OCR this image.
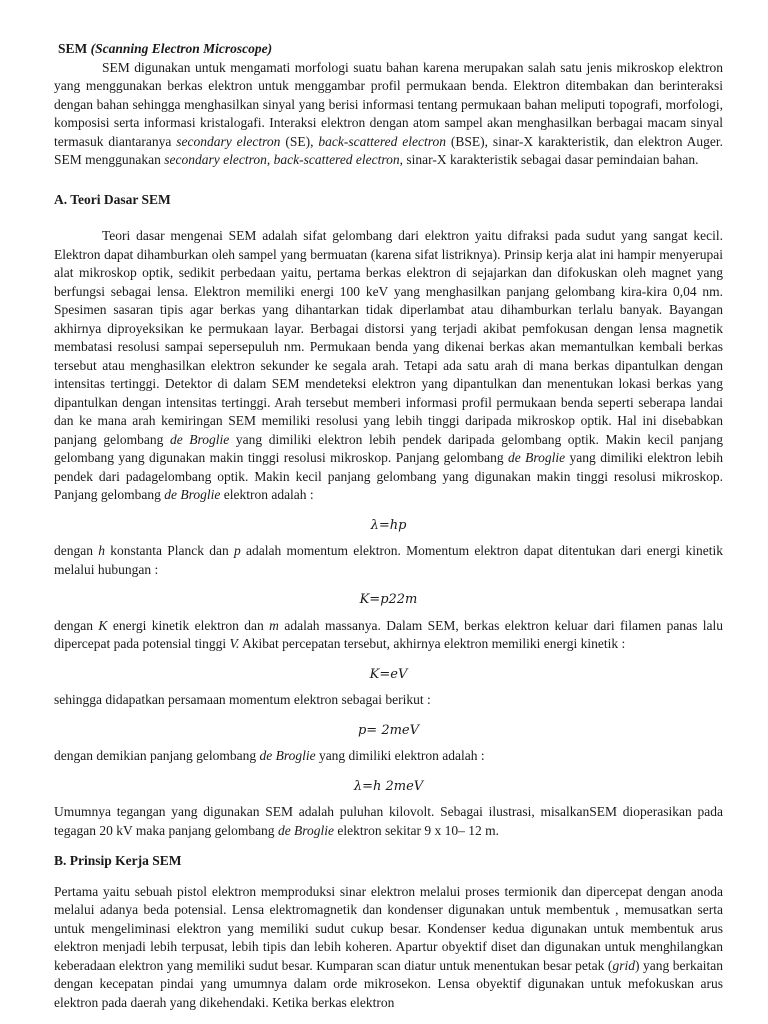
SEM (Scanning Electron Microscope)

SEM digunakan untuk mengamati morfologi suatu bahan karena merupakan salah satu jenis mikroskop elektron yang menggunakan berkas elektron untuk menggambar profil permukaan benda. Elektron ditembakan dan berinteraksi dengan bahan sehingga menghasilkan sinyal yang berisi informasi tentang permukaan bahan meliputi topografi, morfologi, komposisi serta informasi kristalogafi. Interaksi elektron dengan atom sampel akan menghasilkan berbagai macam sinyal termasuk diantaranya secondary electron (SE), back-scattered electron (BSE), sinar-X karakteristik, dan elektron Auger. SEM menggunakan secondary electron, back-scattered electron, sinar-X karakteristik sebagai dasar pemindaian bahan.

A. Teori Dasar SEM

Teori dasar mengenai SEM adalah sifat gelombang dari elektron yaitu difraksi pada sudut yang sangat kecil. Elektron dapat dihamburkan oleh sampel yang bermuatan (karena sifat listriknya). Prinsip kerja alat ini hampir menyerupai alat mikroskop optik, sedikit perbedaan yaitu, pertama berkas elektron di sejajarkan dan difokuskan oleh magnet yang berfungsi sebagai lensa. Elektron memiliki energi 100 keV yang menghasilkan panjang gelombang kira-kira 0,04 nm. Spesimen sasaran tipis agar berkas yang dihantarkan tidak diperlambat atau dihamburkan terlalu banyak. Bayangan akhirnya diproyeksikan ke permukaan layar. Berbagai distorsi yang terjadi akibat pemfokusan dengan lensa magnetik membatasi resolusi sampai sepersepuluh nm. Permukaan benda yang dikenai berkas akan memantulkan kembali berkas tersebut atau menghasilkan elektron sekunder ke segala arah. Tetapi ada satu arah di mana berkas dipantulkan dengan intensitas tertinggi. Detektor di dalam SEM mendeteksi elektron yang dipantulkan dan menentukan lokasi berkas yang dipantulkan dengan intensitas tertinggi. Arah tersebut memberi informasi profil permukaan benda seperti seberapa landai dan ke mana arah kemiringan SEM memiliki resolusi yang lebih tinggi daripada mikroskop optik. Hal ini disebabkan panjang gelombang de Broglie yang dimiliki elektron lebih pendek daripada gelombang optik. Makin kecil panjang gelombang yang digunakan makin tinggi resolusi mikroskop. Panjang gelombang de Broglie yang dimiliki elektron lebih pendek dari padagelombang optik. Makin kecil panjang gelombang yang digunakan makin tinggi resolusi mikroskop. Panjang gelombang de Broglie elektron adalah :

λ=hp

dengan h konstanta Planck dan p adalah momentum elektron. Momentum elektron dapat ditentukan dari energi kinetik melalui hubungan :

K=p22m

dengan K energi kinetik elektron dan m adalah massanya. Dalam SEM, berkas elektron keluar dari filamen panas lalu dipercepat pada potensial tinggi V. Akibat percepatan tersebut, akhirnya elektron memiliki energi kinetik :

K=eV

sehingga didapatkan persamaan momentum elektron sebagai berikut :

p= 2meV

dengan demikian panjang gelombang de Broglie yang dimiliki elektron adalah :

λ=h 2meV

Umumnya tegangan yang digunakan SEM adalah puluhan kilovolt. Sebagai ilustrasi, misalkanSEM dioperasikan pada tegagan 20 kV maka panjang gelombang de Broglie elektron sekitar 9 x 10– 12 m.

B. Prinsip Kerja SEM

Pertama yaitu sebuah pistol elektron memproduksi sinar elektron melalui proses termionik dan dipercepat dengan anoda melalui adanya beda potensial. Lensa elektromagnetik dan kondenser digunakan untuk membentuk , memusatkan serta untuk mengeliminasi elektron yang memiliki sudut cukup besar. Kondenser kedua digunakan untuk membentuk arus elektron menjadi lebih terpusat, lebih tipis dan lebih koheren. Apartur obyektif diset dan digunakan untuk menghilangkan keberadaan elektron yang memiliki sudut besar. Kumparan scan diatur untuk menentukan besar petak (grid) yang berkaitan dengan kecepatan pindai yang umumnya dalam orde mikrosekon. Lensa obyektif digunakan untuk mefokuskan arus elektron pada daerah yang dikehendaki. Ketika berkas elektron
